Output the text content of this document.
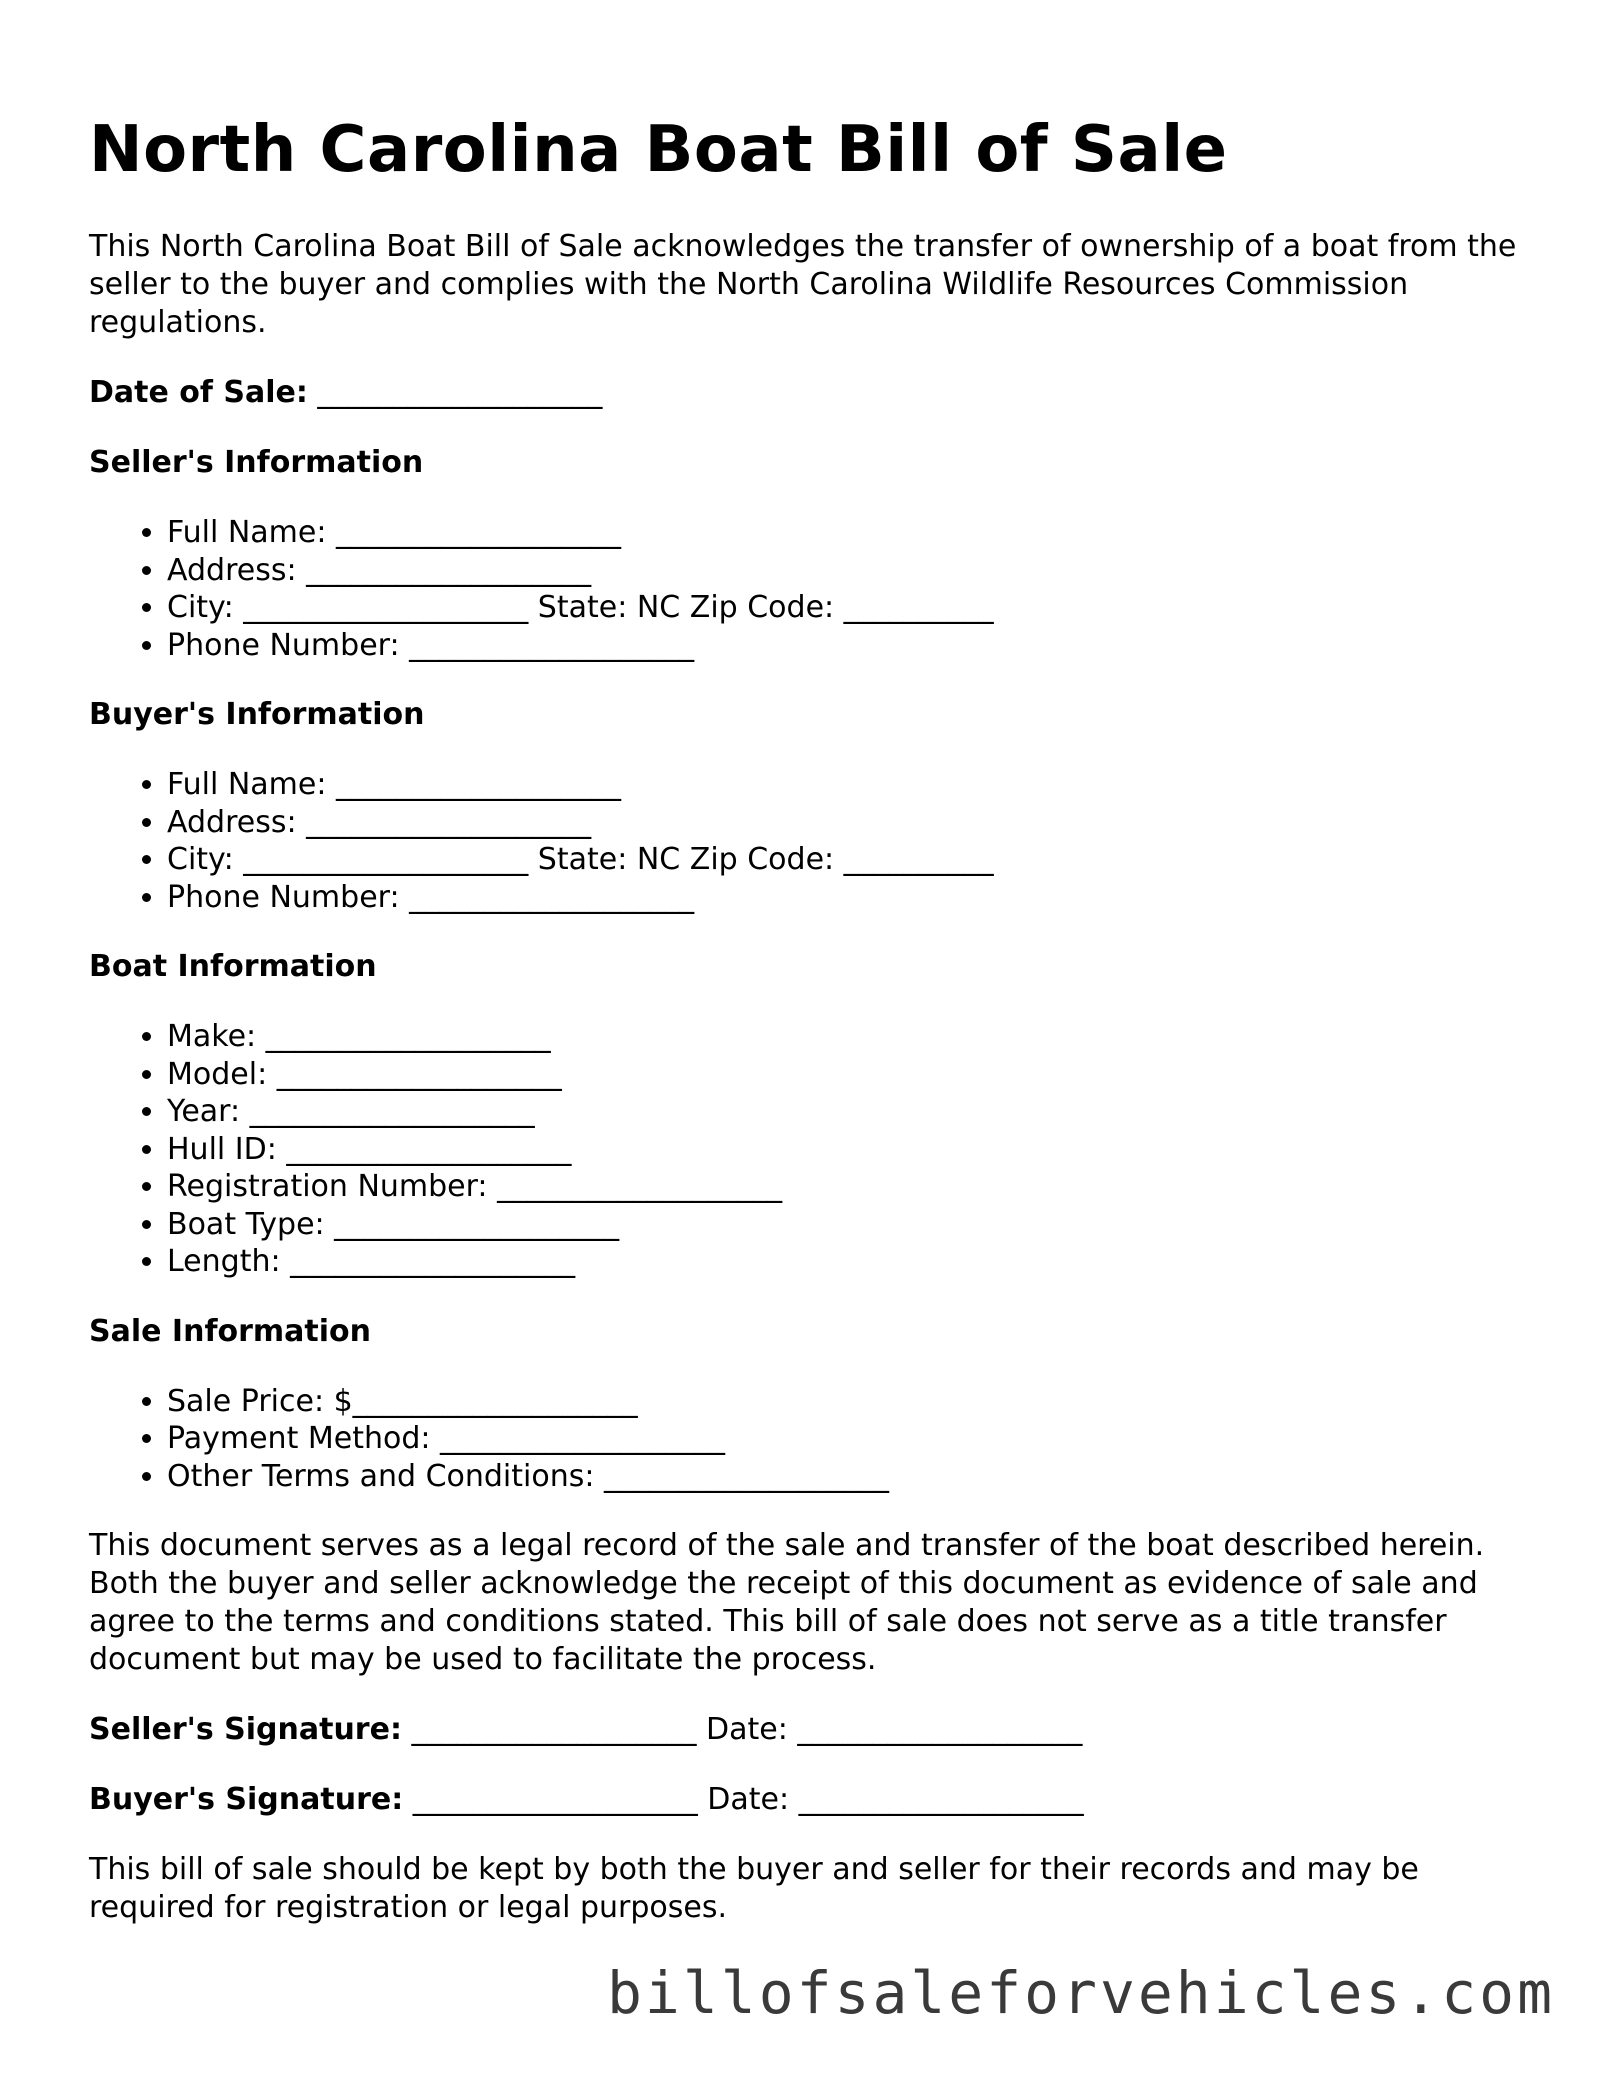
North Carolina Boat Bill of Sale

This North Carolina Boat Bill of Sale acknowledges the transfer of ownership of a boat from the seller to the buyer and complies with the North Carolina Wildlife Resources Commission regulations.

Date of Sale: ___________________
Seller's Information
• Full Name: ___________________
• Address: ___________________
• City: ___________________ State: NC Zip Code: __________
• Phone Number: ___________________
Buyer's Information
• Full Name: ___________________
• Address: ___________________
• City: ___________________ State: NC Zip Code: __________
• Phone Number: ___________________
Boat Information
• Make: ___________________
• Model: ___________________
• Year: ___________________
• Hull ID: ___________________
• Registration Number: ___________________
• Boat Type: ___________________
• Length: ___________________
Sale Information
• Sale Price: $___________________
• Payment Method: ___________________
• Other Terms and Conditions: ___________________

This document serves as a legal record of the sale and transfer of the boat described herein. Both the buyer and seller acknowledge the receipt of this document as evidence of sale and agree to the terms and conditions stated. This bill of sale does not serve as a title transfer document but may be used to facilitate the process.

Seller's Signature: ___________________ Date: ___________________
Buyer's Signature: ___________________ Date: ___________________

This bill of sale should be kept by both the buyer and seller for their records and may be required for registration or legal purposes.

billofsaleforvehicles.com
